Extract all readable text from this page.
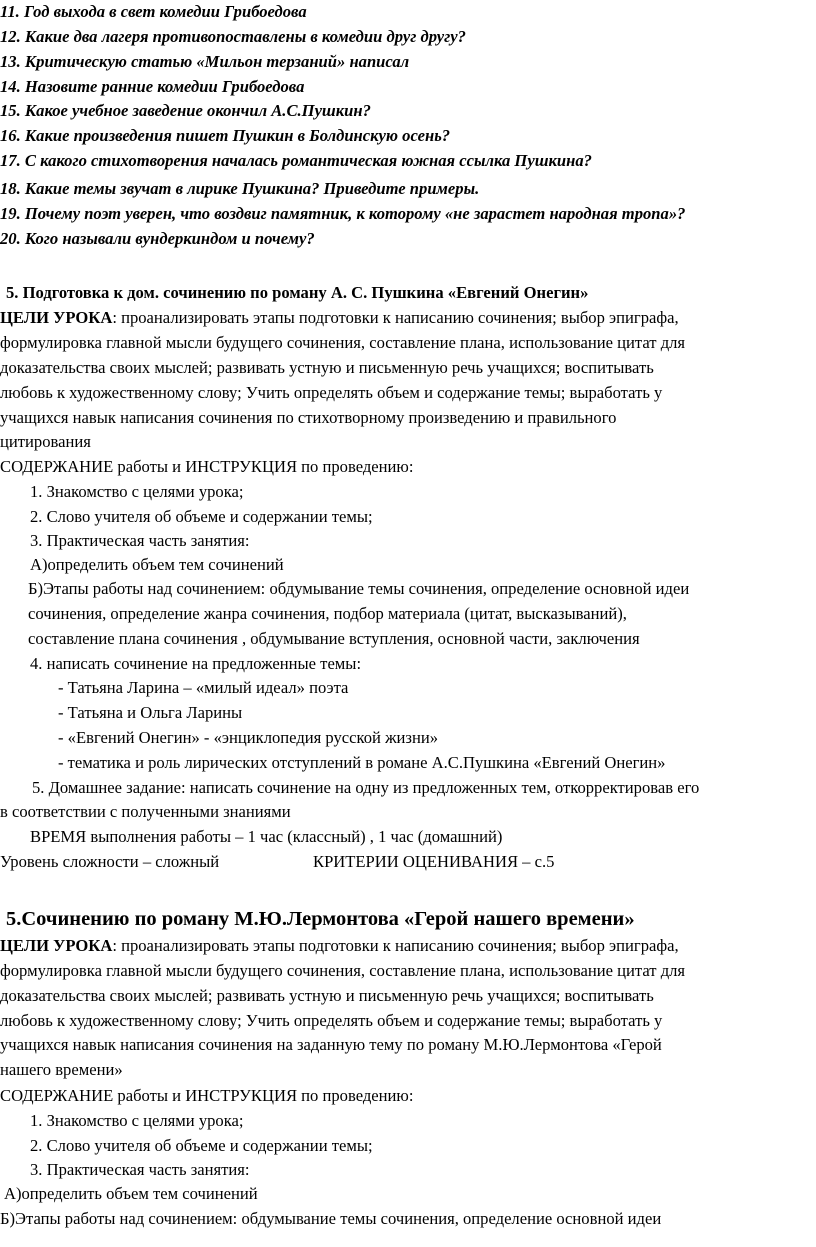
11. Год выхода в свет комедии Грибоедова
12. Какие два лагеря противопоставлены в комедии друг другу?
13. Критическую статью «Мильон терзаний» написал
14. Назовите ранние комедии Грибоедова
15. Какое учебное заведение окончил А.С.Пушкин?
16. Какие произведения пишет Пушкин в Болдинскую осень?
17. С какого стихотворения началась романтическая южная ссылка Пушкина?
18. Какие темы звучат в лирике Пушкина? Приведите примеры.
19. Почему поэт уверен, что воздвиг памятник, к которому «не зарастет народная тропа»?
20. Кого называли вундеркиндом и почему?
5. Подготовка к дом. сочинению по роману А. С. Пушкина «Евгений Онегин»
ЦЕЛИ УРОКА: проанализировать этапы подготовки к написанию сочинения; выбор эпиграфа,
формулировка главной мысли будущего сочинения, составление плана, использование цитат для
доказательства своих мыслей; развивать устную и письменную речь учащихся; воспитывать
любовь к художественному слову; Учить определять объем и содержание темы; выработать у
учащихся навык написания сочинения по стихотворному произведению и правильного
цитирования
СОДЕРЖАНИЕ работы и ИНСТРУКЦИЯ по проведению:
1. Знакомство с целями урока;
2. Слово учителя об объеме и содержании темы;
3. Практическая часть занятия:
А)определить объем тем сочинений
Б)Этапы работы над сочинением: обдумывание темы сочинения, определение основной идеи
сочинения, определение жанра сочинения, подбор материала (цитат, высказываний),
составление плана сочинения , обдумывание вступления, основной части, заключения
4. написать сочинение на предложенные темы:
- Татьяна Ларина – «милый идеал» поэта
- Татьяна и Ольга Ларины
- «Евгений Онегин» - «энциклопедия русской жизни»
- тематика и роль лирических отступлений в романе А.С.Пушкина «Евгений Онегин»
5. Домашнее задание: написать сочинение на одну из предложенных тем, откорректировав его
в соответствии с полученными знаниями
ВРЕМЯ выполнения работы – 1 час (классный) , 1 час (домашний)
Уровень сложности – сложный	КРИТЕРИИ ОЦЕНИВАНИЯ – с.5
5.Сочинению по роману М.Ю.Лермонтова «Герой нашего времени»
ЦЕЛИ УРОКА: проанализировать этапы подготовки к написанию сочинения; выбор эпиграфа,
формулировка главной мысли будущего сочинения, составление плана, использование цитат для
доказательства своих мыслей; развивать устную и письменную речь учащихся; воспитывать
любовь к художественному слову; Учить определять объем и содержание темы; выработать у
учащихся навык написания сочинения на заданную тему по роману М.Ю.Лермонтова «Герой
нашего времени»
СОДЕРЖАНИЕ работы и ИНСТРУКЦИЯ по проведению:
1. Знакомство с целями урока;
2. Слово учителя об объеме и содержании темы;
3. Практическая часть занятия:
А)определить объем тем сочинений
Б)Этапы работы над сочинением: обдумывание темы сочинения, определение основной идеи
